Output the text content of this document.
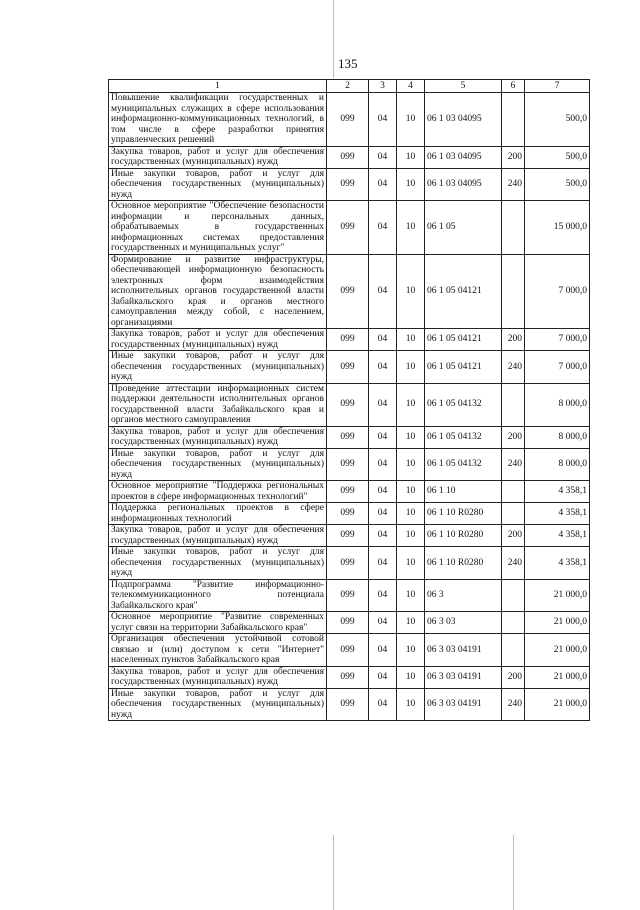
135
1	2	3	4	5	6	7
Повышение квалификации государственных и муниципальных служащих в сфере использования информационно-коммуникационных технологий, в том числе в сфере разработки принятия управленческих решений	099	04	10	06 1 03 04095		500,0
Закупка товаров, работ и услуг для обеспечения государственных (муниципальных) нужд	099	04	10	06 1 03 04095	200	500,0
Иные закупки товаров, работ и услуг для обеспечения государственных (муниципальных) нужд	099	04	10	06 1 03 04095	240	500,0
Основное мероприятие "Обеспечение безопасности информации и персональных данных, обрабатываемых в государственных информационных системах предоставления государственных и муниципальных услуг"	099	04	10	06 1 05		15 000,0
Формирование и развитие инфраструктуры, обеспечивающей информационную безопасность электронных форм взаимодействия исполнительных органов государственной власти Забайкальского края и органов местного самоуправления между собой, с населением, организациями	099	04	10	06 1 05 04121		7 000,0
Закупка товаров, работ и услуг для обеспечения государственных (муниципальных) нужд	099	04	10	06 1 05 04121	200	7 000,0
Иные закупки товаров, работ и услуг для обеспечения государственных (муниципальных) нужд	099	04	10	06 1 05 04121	240	7 000,0
Проведение аттестации информационных систем поддержки деятельности исполнительных органов государственной власти Забайкальского края и органов местного самоуправления	099	04	10	06 1 05 04132		8 000,0
Закупка товаров, работ и услуг для обеспечения государственных (муниципальных) нужд	099	04	10	06 1 05 04132	200	8 000,0
Иные закупки товаров, работ и услуг для обеспечения государственных (муниципальных) нужд	099	04	10	06 1 05 04132	240	8 000,0
Основное мероприятие "Поддержка региональных проектов в сфере информационных технологий"	099	04	10	06 1 10		4 358,1
Поддержка региональных проектов в сфере информационных технологий	099	04	10	06 1 10 R0280		4 358,1
Закупка товаров, работ и услуг для обеспечения государственных (муниципальных) нужд	099	04	10	06 1 10 R0280	200	4 358,1
Иные закупки товаров, работ и услуг для обеспечения государственных (муниципальных) нужд	099	04	10	06 1 10 R0280	240	4 358,1
Подпрограмма "Развитие информационно-телекоммуникационного потенциала Забайкальского края"	099	04	10	06 3		21 000,0
Основное мероприятие "Развитие современных услуг связи на территории Забайкальского края"	099	04	10	06 3 03		21 000,0
Организация обеспечения устойчивой сотовой связью и (или) доступом к сети "Интернет" населенных пунктов Забайкальского края	099	04	10	06 3 03 04191		21 000,0
Закупка товаров, работ и услуг для обеспечения государственных (муниципальных) нужд	099	04	10	06 3 03 04191	200	21 000,0
Иные закупки товаров, работ и услуг для обеспечения государственных (муниципальных) нужд	099	04	10	06 3 03 04191	240	21 000,0
